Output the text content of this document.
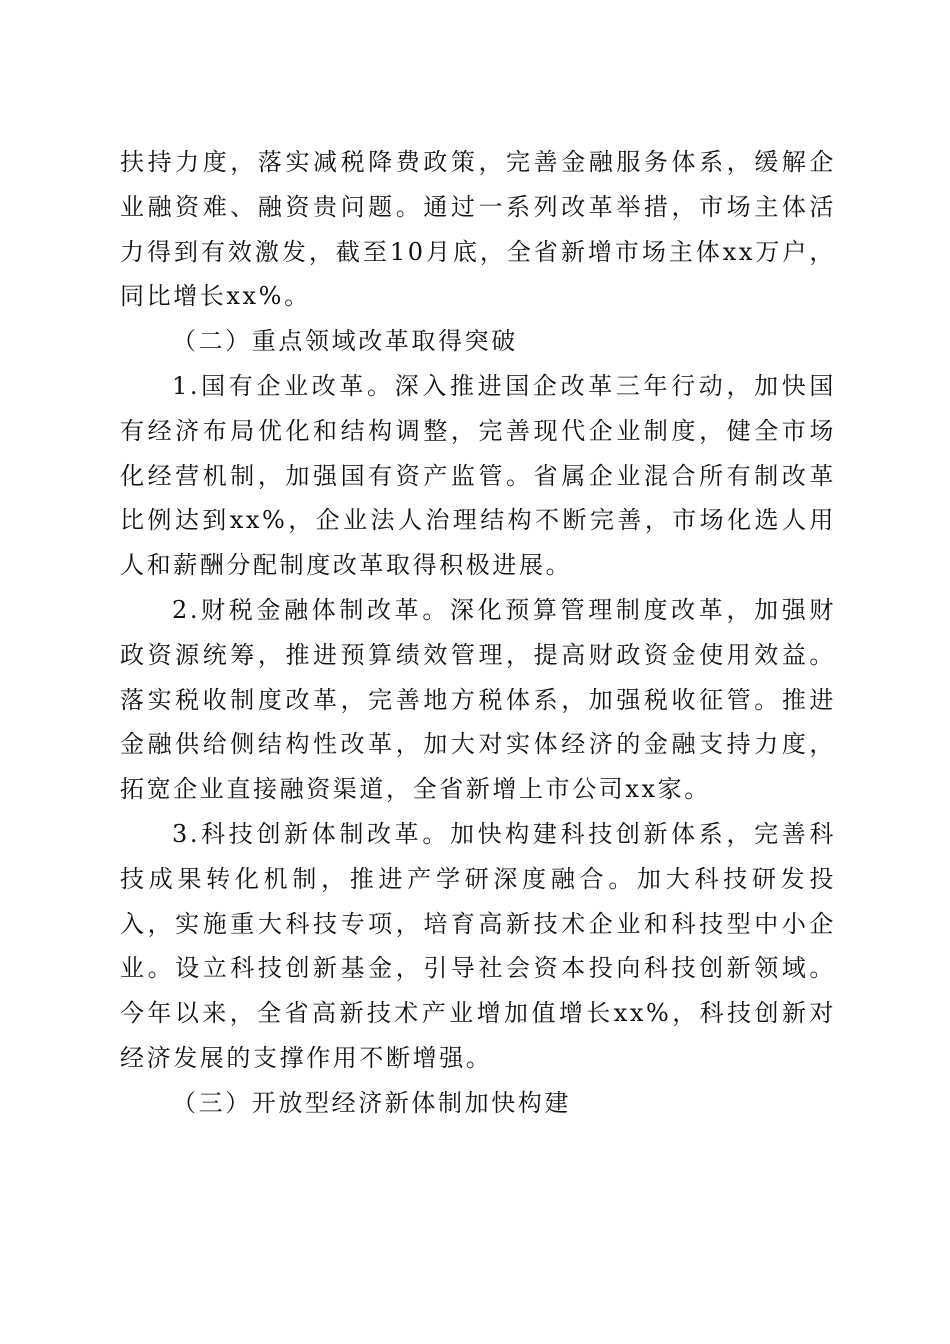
扶持力度，落实减税降费政策，完善金融服务体系，缓解企业融资难、融资贵问题。通过一系列改革举措，市场主体活力得到有效激发，截至10月底，全省新增市场主体xx万户，同比增长xx%。

（二）重点领域改革取得突破

1.国有企业改革。深入推进国企改革三年行动，加快国有经济布局优化和结构调整，完善现代企业制度，健全市场化经营机制，加强国有资产监管。省属企业混合所有制改革比例达到xx%，企业法人治理结构不断完善，市场化选人用人和薪酬分配制度改革取得积极进展。

2.财税金融体制改革。深化预算管理制度改革，加强财政资源统筹，推进预算绩效管理，提高财政资金使用效益。落实税收制度改革，完善地方税体系，加强税收征管。推进金融供给侧结构性改革，加大对实体经济的金融支持力度，拓宽企业直接融资渠道，全省新增上市公司xx家。

3.科技创新体制改革。加快构建科技创新体系，完善科技成果转化机制，推进产学研深度融合。加大科技研发投入，实施重大科技专项，培育高新技术企业和科技型中小企业。设立科技创新基金，引导社会资本投向科技创新领域。今年以来，全省高新技术产业增加值增长xx%，科技创新对经济发展的支撑作用不断增强。

（三）开放型经济新体制加快构建
